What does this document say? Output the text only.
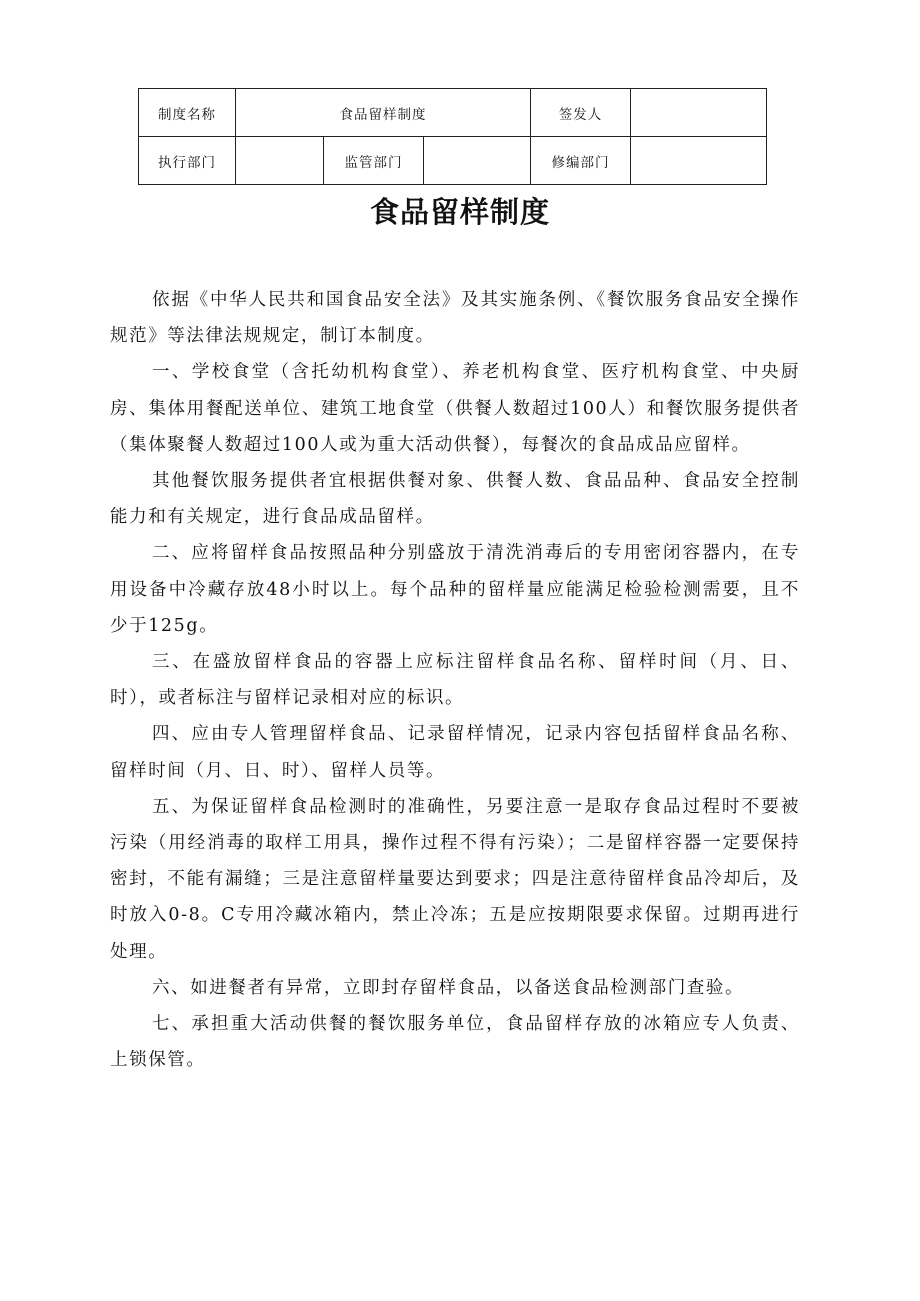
制度名称	食品留样制度			签发人	
执行部门		监管部门		修编部门	
食品留样制度

依据《中华人民共和国食品安全法》及其实施条例、《餐饮服务食品安全操作规范》等法律法规规定，制订本制度。

一、学校食堂（含托幼机构食堂）、养老机构食堂、医疗机构食堂、中央厨房、集体用餐配送单位、建筑工地食堂（供餐人数超过100人）和餐饮服务提供者（集体聚餐人数超过100人或为重大活动供餐），每餐次的食品成品应留样。

其他餐饮服务提供者宜根据供餐对象、供餐人数、食品品种、食品安全控制能力和有关规定，进行食品成品留样。

二、应将留样食品按照品种分别盛放于清洗消毒后的专用密闭容器内，在专用设备中冷藏存放48小时以上。每个品种的留样量应能满足检验检测需要，且不少于125g。

三、在盛放留样食品的容器上应标注留样食品名称、留样时间（月、日、时），或者标注与留样记录相对应的标识。

四、应由专人管理留样食品、记录留样情况，记录内容包括留样食品名称、留样时间（月、日、时）、留样人员等。

五、为保证留样食品检测时的准确性，另要注意一是取存食品过程时不要被污染（用经消毒的取样工用具，操作过程不得有污染）；二是留样容器一定要保持密封，不能有漏缝；三是注意留样量要达到要求；四是注意待留样食品冷却后，及时放入0-8。C专用冷藏冰箱内，禁止冷冻；五是应按期限要求保留。过期再进行处理。

六、如进餐者有异常，立即封存留样食品，以备送食品检测部门查验。

七、承担重大活动供餐的餐饮服务单位，食品留样存放的冰箱应专人负责、上锁保管。
